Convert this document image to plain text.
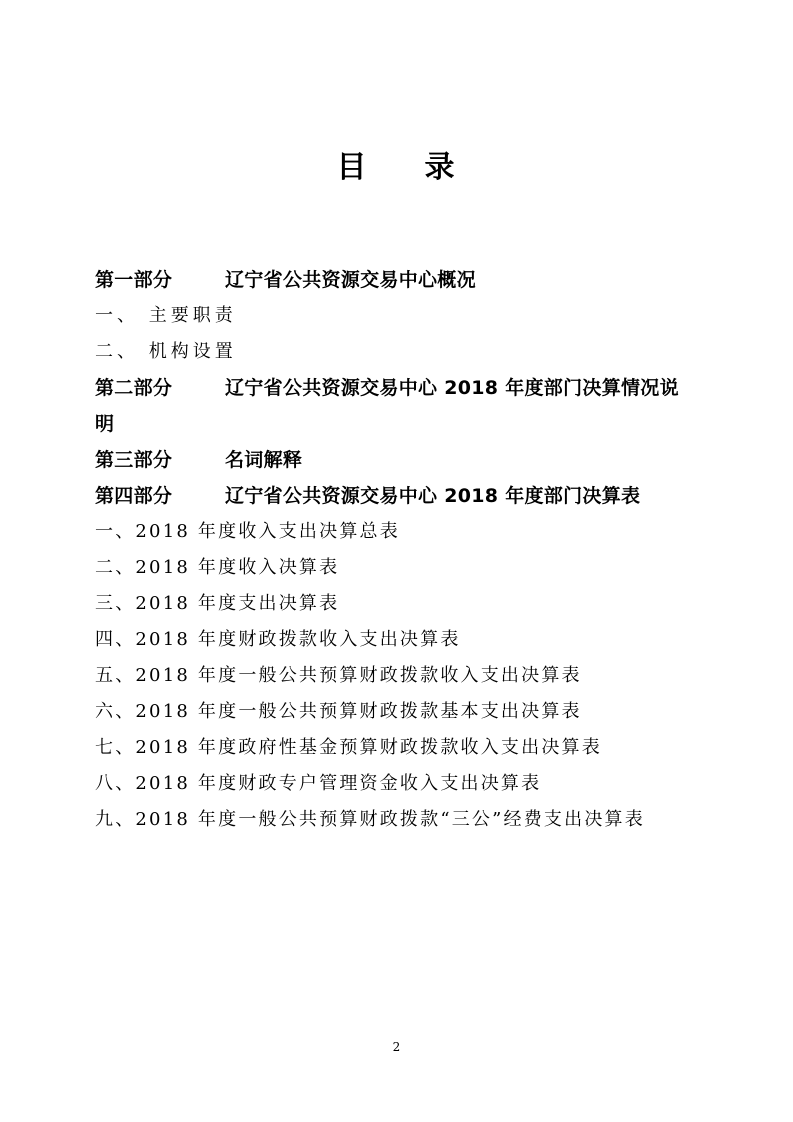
目 录
第一部分	辽宁省公共资源交易中心概况
一、 主要职责
二、 机构设置
第二部分	辽宁省公共资源交易中心 2018 年度部门决算情况说
明
第三部分	名词解释
第四部分	辽宁省公共资源交易中心 2018 年度部门决算表
一、2018 年度收入支出决算总表
二、2018 年度收入决算表
三、2018 年度支出决算表
四、2018 年度财政拨款收入支出决算表
五、2018 年度一般公共预算财政拨款收入支出决算表
六、2018 年度一般公共预算财政拨款基本支出决算表
七、2018 年度政府性基金预算财政拨款收入支出决算表
八、2018 年度财政专户管理资金收入支出决算表
九、2018 年度一般公共预算财政拨款“三公”经费支出决算表
2
